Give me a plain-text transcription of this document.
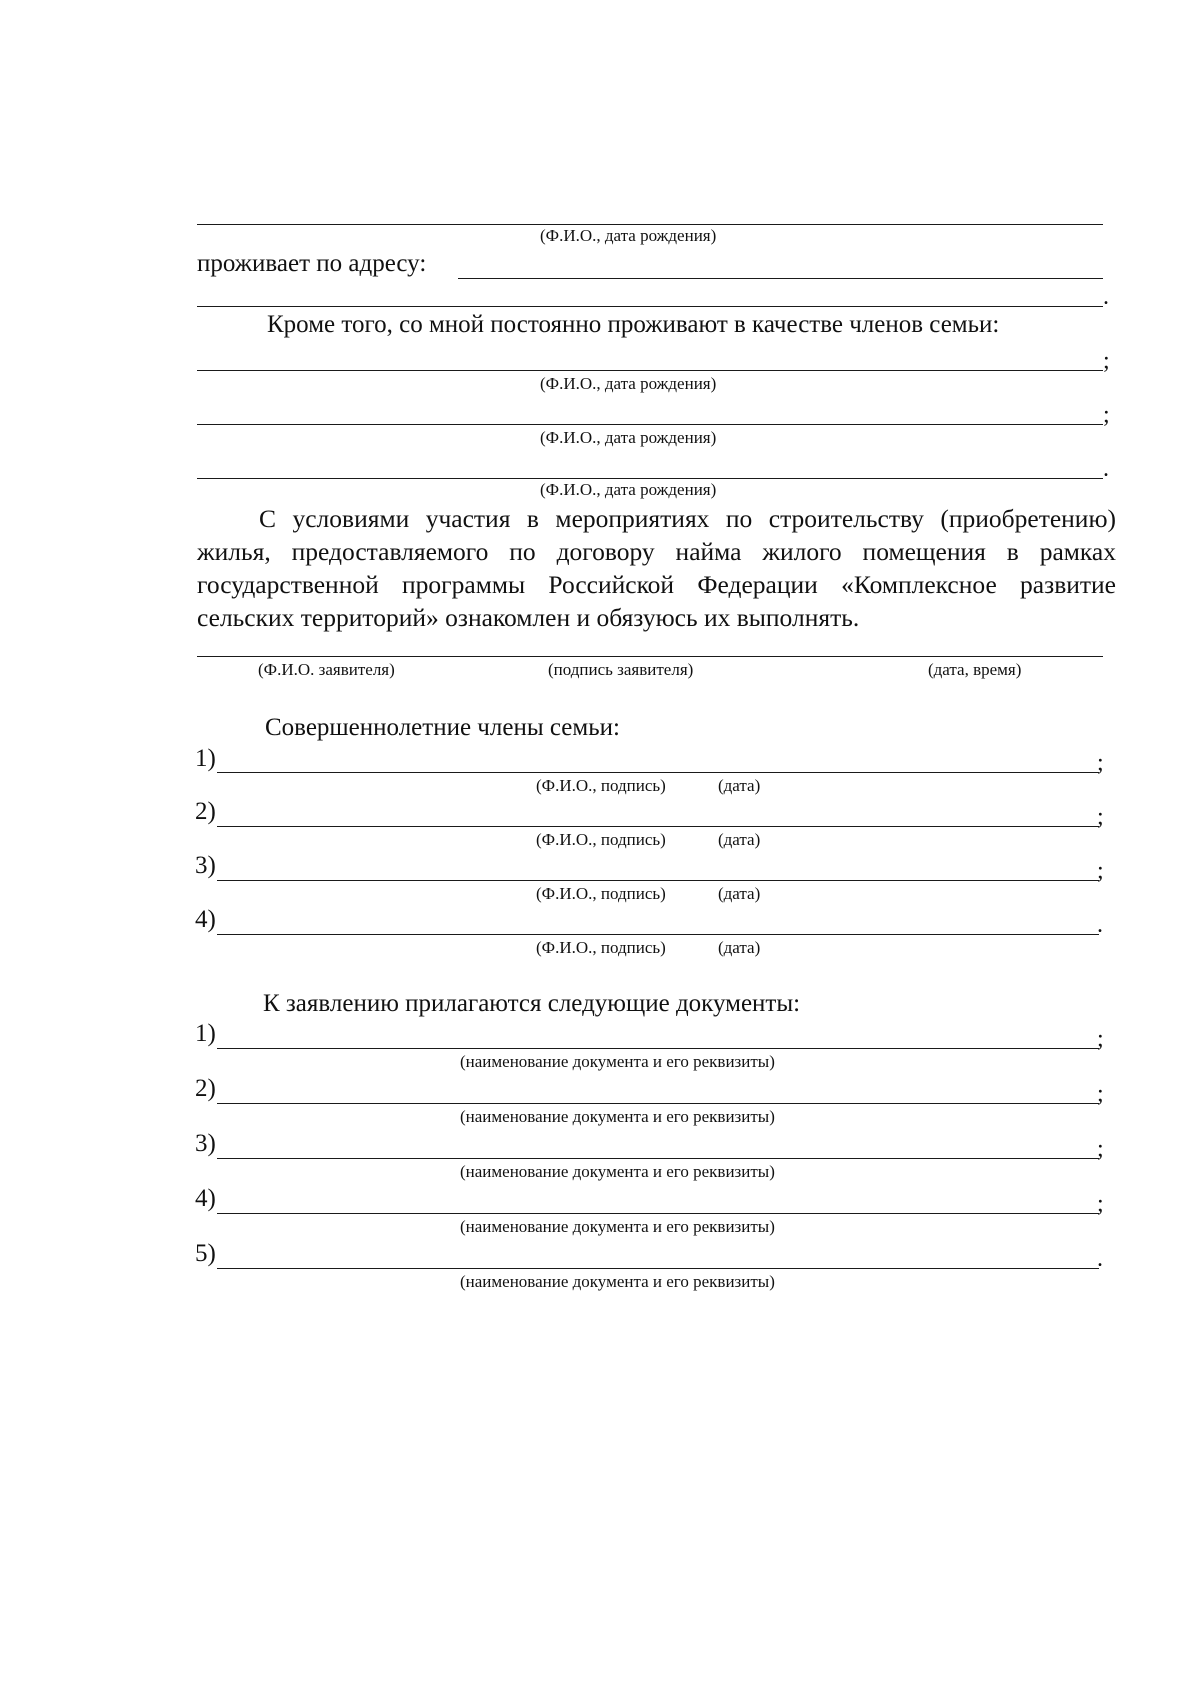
(Ф.И.О., дата рождения)
проживает по адресу:
.
Кроме того, со мной постоянно проживают в качестве членов семьи:
;
(Ф.И.О., дата рождения)
;
(Ф.И.О., дата рождения)
.
(Ф.И.О., дата рождения)

С условиями участия в мероприятиях по строительству (приобретению) жилья, предоставляемого по договору найма жилого помещения в рамках государственной программы Российской Федерации «Комплексное развитие сельских территорий» ознакомлен и обязуюсь их выполнять.

(Ф.И.О. заявителя)	(подпись заявителя)	(дата, время)
Совершеннолетние члены семьи:
1)	;
(Ф.И.О., подпись)	(дата)
2)	;
(Ф.И.О., подпись)	(дата)
3)	;
(Ф.И.О., подпись)	(дата)
4)	.
(Ф.И.О., подпись)	(дата)
К заявлению прилагаются следующие документы:
1)	;
(наименование документа и его реквизиты)
2)	;
(наименование документа и его реквизиты)
3)	;
(наименование документа и его реквизиты)
4)	;
(наименование документа и его реквизиты)
5)	.
(наименование документа и его реквизиты)
